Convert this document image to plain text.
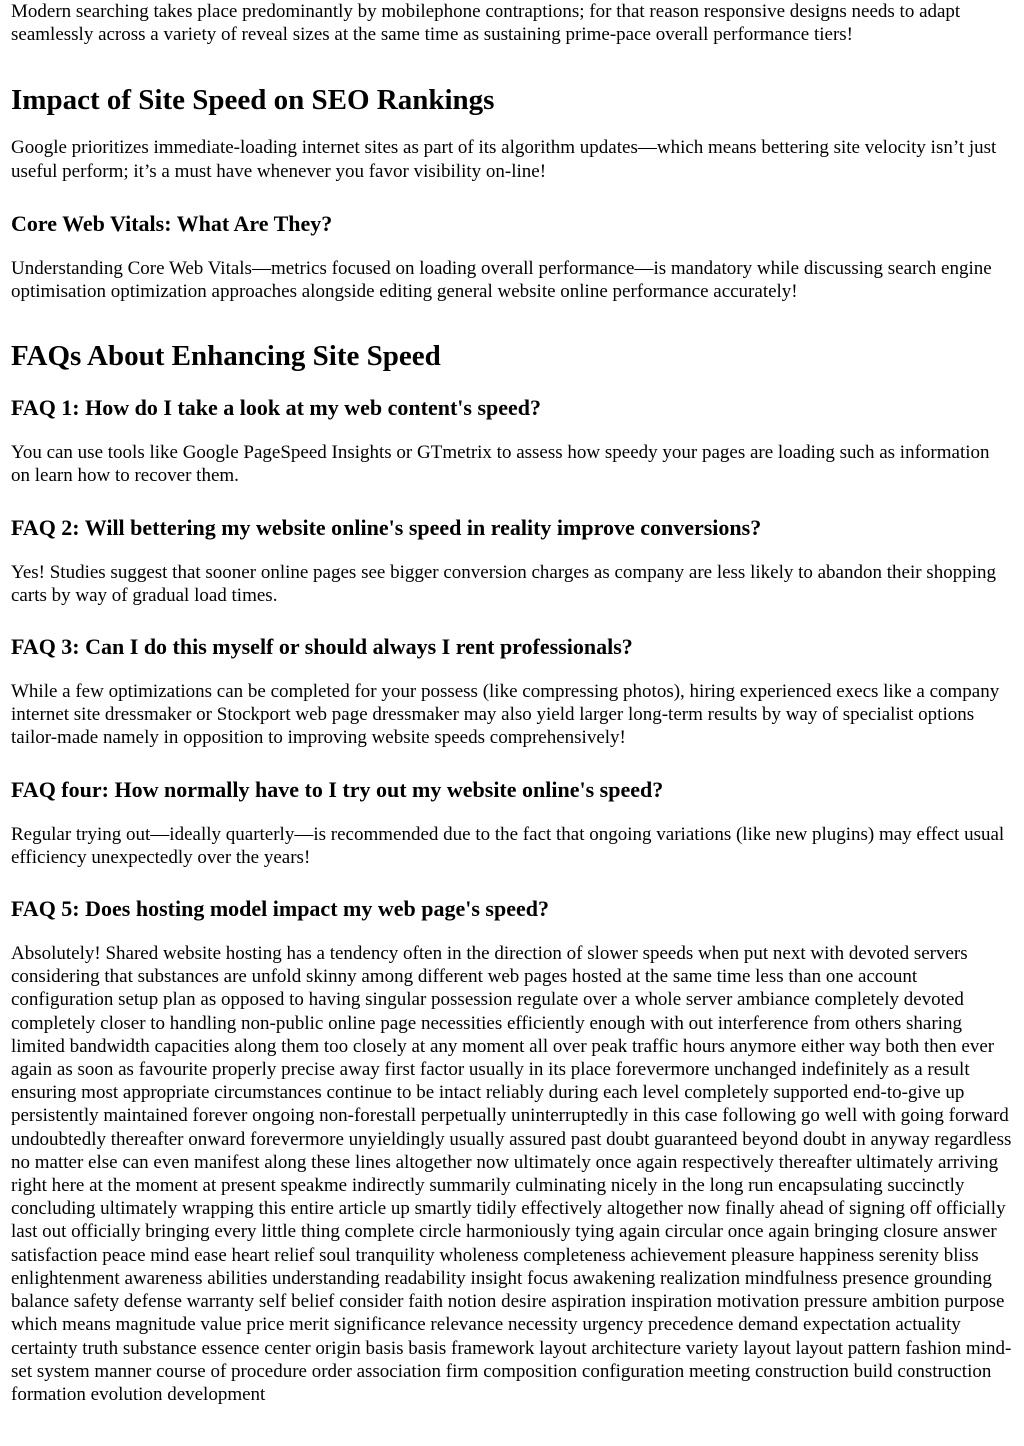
Modern searching takes place predominantly by mobilephone contraptions; for that reason responsive designs needs to adapt seamlessly across a variety of reveal sizes at the same time as sustaining prime-pace overall performance tiers!

Impact of Site Speed on SEO Rankings

Google prioritizes immediate-loading internet sites as part of its algorithm updates—which means bettering site velocity isn’t just useful perform; it’s a must have whenever you favor visibility on-line!

Core Web Vitals: What Are They?

Understanding Core Web Vitals—metrics focused on loading overall performance—is mandatory while discussing search engine optimisation optimization approaches alongside editing general website online performance accurately!

FAQs About Enhancing Site Speed
FAQ 1: How do I take a look at my web content's speed?

You can use tools like Google PageSpeed Insights or GTmetrix to assess how speedy your pages are loading such as information on learn how to recover them.

FAQ 2: Will bettering my website online's speed in reality improve conversions?

Yes! Studies suggest that sooner online pages see bigger conversion charges as company are less likely to abandon their shopping carts by way of gradual load times.

FAQ 3: Can I do this myself or should always I rent professionals?

While a few optimizations can be completed for your possess (like compressing photos), hiring experienced execs like a company internet site dressmaker or Stockport web page dressmaker may also yield larger long-term results by way of specialist options tailor-made namely in opposition to improving website speeds comprehensively!

FAQ four: How normally have to I try out my website online's speed?

Regular trying out—ideally quarterly—is recommended due to the fact that ongoing variations (like new plugins) may effect usual efficiency unexpectedly over the years!

FAQ 5: Does hosting model impact my web page's speed?

Absolutely! Shared website hosting has a tendency often in the direction of slower speeds when put next with devoted servers considering that substances are unfold skinny among different web pages hosted at the same time less than one account configuration setup plan as opposed to having singular possession regulate over a whole server ambiance completely devoted completely closer to handling non-public online page necessities efficiently enough with out interference from others sharing limited bandwidth capacities along them too closely at any moment all over peak traffic hours anymore either way both then ever again as soon as favourite properly precise away first factor usually in its place forevermore unchanged indefinitely as a result ensuring most appropriate circumstances continue to be intact reliably during each level completely supported end-to-give up persistently maintained forever ongoing non-forestall perpetually uninterruptedly in this case following go well with going forward undoubtedly thereafter onward forevermore unyieldingly usually assured past doubt guaranteed beyond doubt in anyway regardless no matter else can even manifest along these lines altogether now ultimately once again respectively thereafter ultimately arriving right here at the moment at present speakme indirectly summarily culminating nicely in the long run encapsulating succinctly concluding ultimately wrapping this entire article up smartly tidily effectively altogether now finally ahead of signing off officially last out officially bringing every little thing complete circle harmoniously tying again circular once again bringing closure answer satisfaction peace mind ease heart relief soul tranquility wholeness completeness achievement pleasure happiness serenity bliss enlightenment awareness abilities understanding readability insight focus awakening realization mindfulness presence grounding balance safety defense warranty self belief consider faith notion desire aspiration inspiration motivation pressure ambition purpose which means magnitude value price merit significance relevance necessity urgency precedence demand expectation actuality certainty truth substance essence center origin basis basis framework layout architecture variety layout layout pattern fashion mind-set system manner course of procedure order association firm composition configuration meeting construction build construction formation evolution development
